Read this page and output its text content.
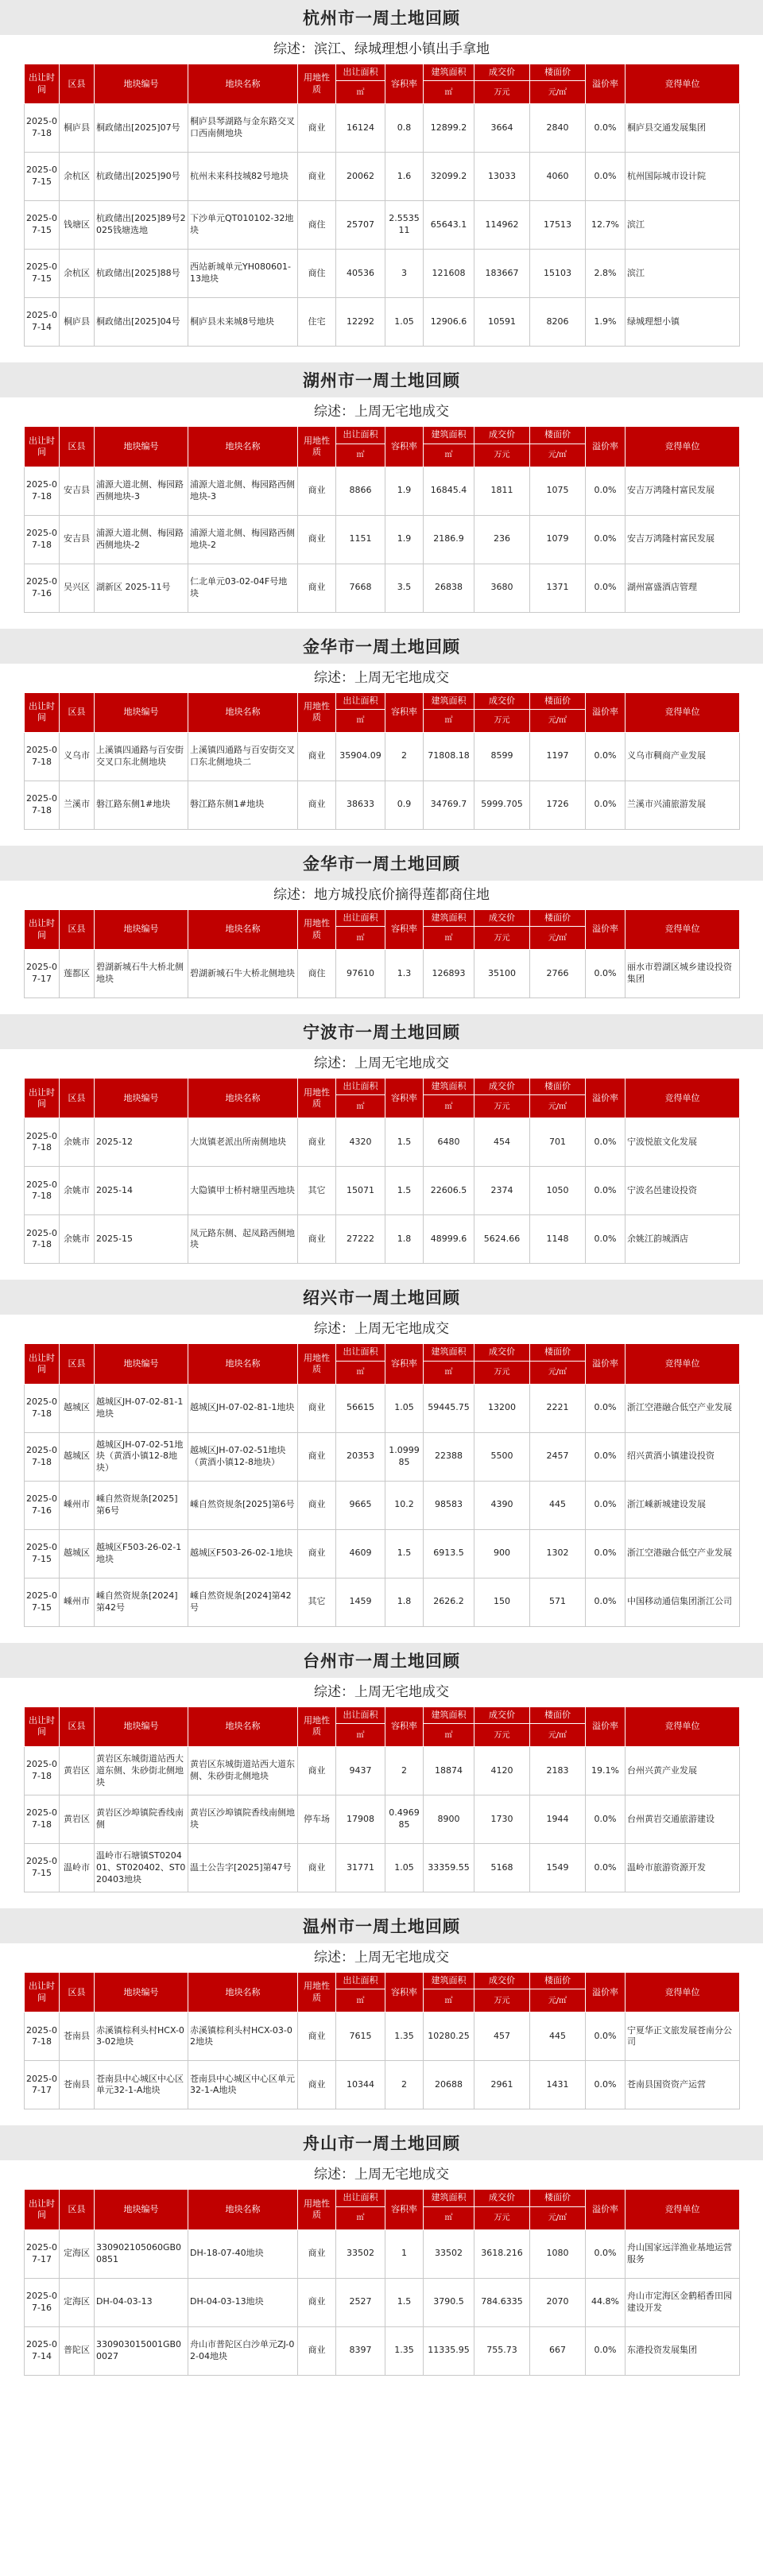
杭州市一周土地回顾
综述：滨江、绿城理想小镇出手拿地
出让时间	区县	地块编号	地块名称	用地性质	出让面积	容积率	建筑面积	成交价	楼面价	溢价率	竞得单位
					㎡		㎡	万元	元/㎡		
2025-07-18	桐庐县	桐政储出[2025]07号	桐庐县琴湖路与金东路交叉口西南侧地块	商业	16124	0.8	12899.2	3664	2840	0.0%	桐庐县交通发展集团
2025-07-15	余杭区	杭政储出[2025]90号	杭州未来科技城82号地块	商业	20062	1.6	32099.2	13033	4060	0.0%	杭州国际城市设计院
2025-07-15	钱塘区	杭政储出[2025]89号2025钱塘选地	下沙单元QT010102-32地块	商住	25707	2.553511	65643.1	114962	17513	12.7%	滨江
2025-07-15	余杭区	杭政储出[2025]88号	西站新城单元YH080601-13地块	商住	40536	3	121608	183667	15103	2.8%	滨江
2025-07-14	桐庐县	桐政储出[2025]04号	桐庐县未来城8号地块	住宅	12292	1.05	12906.6	10591	8206	1.9%	绿城理想小镇
湖州市一周土地回顾
综述：上周无宅地成交
出让时间	区县	地块编号	地块名称	用地性质	出让面积	容积率	建筑面积	成交价	楼面价	溢价率	竞得单位
					㎡		㎡	万元	元/㎡		
2025-07-18	安吉县	浦源大道北侧、梅园路西侧地块-3	浦源大道北侧、梅园路西侧地块-3	商业	8866	1.9	16845.4	1811	1075	0.0%	安吉万鸿隆村富民发展
2025-07-18	安吉县	浦源大道北侧、梅园路西侧地块-2	浦源大道北侧、梅园路西侧地块-2	商业	1151	1.9	2186.9	236	1079	0.0%	安吉万鸿隆村富民发展
2025-07-16	吴兴区	湖新区 2025-11号	仁北单元03-02-04F号地块	商业	7668	3.5	26838	3680	1371	0.0%	湖州富盛酒店管理
金华市一周土地回顾
综述：上周无宅地成交
出让时间	区县	地块编号	地块名称	用地性质	出让面积	容积率	建筑面积	成交价	楼面价	溢价率	竞得单位
					㎡		㎡	万元	元/㎡		
2025-07-18	义乌市	上溪镇四通路与百安街交叉口东北侧地块	上溪镇四通路与百安街交叉口东北侧地块二	商业	35904.09	2	71808.18	8599	1197	0.0%	义乌市稠商产业发展
2025-07-18	兰溪市	磐江路东侧1#地块	磐江路东侧1#地块	商业	38633	0.9	34769.7	5999.705	1726	0.0%	兰溪市兴浦旅游发展
金华市一周土地回顾
综述：地方城投底价摘得莲都商住地
出让时间	区县	地块编号	地块名称	用地性质	出让面积	容积率	建筑面积	成交价	楼面价	溢价率	竞得单位
					㎡		㎡	万元	元/㎡		
2025-07-17	莲都区	碧湖新城石牛大桥北侧地块	碧湖新城石牛大桥北侧地块	商住	97610	1.3	126893	35100	2766	0.0%	丽水市碧湖区城乡建设投资集团
宁波市一周土地回顾
综述：上周无宅地成交
出让时间	区县	地块编号	地块名称	用地性质	出让面积	容积率	建筑面积	成交价	楼面价	溢价率	竞得单位
					㎡		㎡	万元	元/㎡		
2025-07-18	余姚市	2025-12	大岚镇老派出所南侧地块	商业	4320	1.5	6480	454	701	0.0%	宁波悦旅文化发展
2025-07-18	余姚市	2025-14	大隐镇甲士桥村塘里西地块	其它	15071	1.5	22606.5	2374	1050	0.0%	宁波名邑建设投资
2025-07-18	余姚市	2025-15	凤元路东侧、起凤路西侧地块	商业	27222	1.8	48999.6	5624.66	1148	0.0%	余姚江韵城酒店
绍兴市一周土地回顾
综述：上周无宅地成交
出让时间	区县	地块编号	地块名称	用地性质	出让面积	容积率	建筑面积	成交价	楼面价	溢价率	竞得单位
					㎡		㎡	万元	元/㎡		
2025-07-18	越城区	越城区JH-07-02-81-1地块	越城区JH-07-02-81-1地块	商业	56615	1.05	59445.75	13200	2221	0.0%	浙江空港融合低空产业发展
2025-07-18	越城区	越城区JH-07-02-51地块（黄酒小镇12-8地块）	越城区JH-07-02-51地块（黄酒小镇12-8地块）	商业	20353	1.099985	22388	5500	2457	0.0%	绍兴黄酒小镇建设投资
2025-07-16	嵊州市	嵊自然资规条[2025]第6号	嵊自然资规条[2025]第6号	商业	9665	10.2	98583	4390	445	0.0%	浙江嵊新城建设发展
2025-07-15	越城区	越城区F503-26-02-1地块	越城区F503-26-02-1地块	商业	4609	1.5	6913.5	900	1302	0.0%	浙江空港融合低空产业发展
2025-07-15	嵊州市	嵊自然资规条[2024]第42号	嵊自然资规条[2024]第42号	其它	1459	1.8	2626.2	150	571	0.0%	中国移动通信集团浙江公司
台州市一周土地回顾
综述：上周无宅地成交
出让时间	区县	地块编号	地块名称	用地性质	出让面积	容积率	建筑面积	成交价	楼面价	溢价率	竞得单位
					㎡		㎡	万元	元/㎡		
2025-07-18	黄岩区	黄岩区东城街道站西大道东侧、朱砂街北侧地块	黄岩区东城街道站西大道东侧、朱砂街北侧地块	商业	9437	2	18874	4120	2183	19.1%	台州兴黄产业发展
2025-07-18	黄岩区	黄岩区沙埠镇院香线南侧	黄岩区沙埠镇院香线南侧地块	停车场	17908	0.496985	8900	1730	1944	0.0%	台州黄岩交通旅游建设
2025-07-15	温岭市	温岭市石塘镇ST020401、ST020402、ST020403地块	温土公告字[2025]第47号	商业	31771	1.05	33359.55	5168	1549	0.0%	温岭市旅游资源开发
温州市一周土地回顾
综述：上周无宅地成交
出让时间	区县	地块编号	地块名称	用地性质	出让面积	容积率	建筑面积	成交价	楼面价	溢价率	竞得单位
					㎡		㎡	万元	元/㎡		
2025-07-18	苍南县	赤溪镇棕利头村HCX-03-02地块	赤溪镇棕利头村HCX-03-02地块	商业	7615	1.35	10280.25	457	445	0.0%	宁夏华正文旅发展苍南分公司
2025-07-17	苍南县	苍南县中心城区中心区单元32-1-A地块	苍南县中心城区中心区单元32-1-A地块	商业	10344	2	20688	2961	1431	0.0%	苍南县国资资产运营
舟山市一周土地回顾
综述：上周无宅地成交
出让时间	区县	地块编号	地块名称	用地性质	出让面积	容积率	建筑面积	成交价	楼面价	溢价率	竞得单位
					㎡		㎡	万元	元/㎡		
2025-07-17	定海区	330902105060GB00851	DH-18-07-40地块	商业	33502	1	33502	3618.216	1080	0.0%	舟山国家远洋渔业基地运营服务
2025-07-16	定海区	DH-04-03-13	DH-04-03-13地块	商业	2527	1.5	3790.5	784.6335	2070	44.8%	舟山市定海区金鹤稻香田园建设开发
2025-07-14	普陀区	330903015001GB00027	舟山市普陀区白沙单元ZJ-02-04地块	商业	8397	1.35	11335.95	755.73	667	0.0%	东港投资发展集团
